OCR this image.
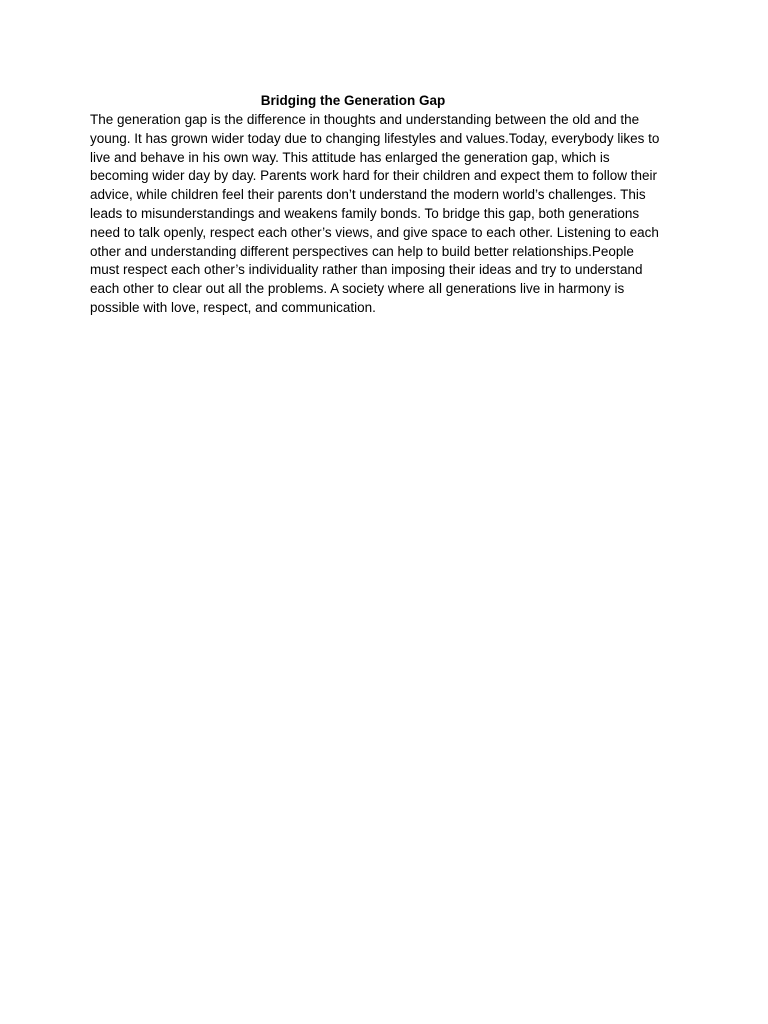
Bridging the Generation Gap

The generation gap is the difference in thoughts and understanding between the old and the
young. It has grown wider today due to changing lifestyles and values.Today, everybody likes to
live and behave in his own way. This attitude has enlarged the generation gap, which is
becoming wider day by day. Parents work hard for their children and expect them to follow their
advice, while children feel their parents don’t understand the modern world’s challenges. This
leads to misunderstandings and weakens family bonds. To bridge this gap, both generations
need to talk openly, respect each other’s views, and give space to each other. Listening to each
other and understanding different perspectives can help to build better relationships.People
must respect each other’s individuality rather than imposing their ideas and try to understand
each other to clear out all the problems. A society where all generations live in harmony is
possible with love, respect, and communication.
